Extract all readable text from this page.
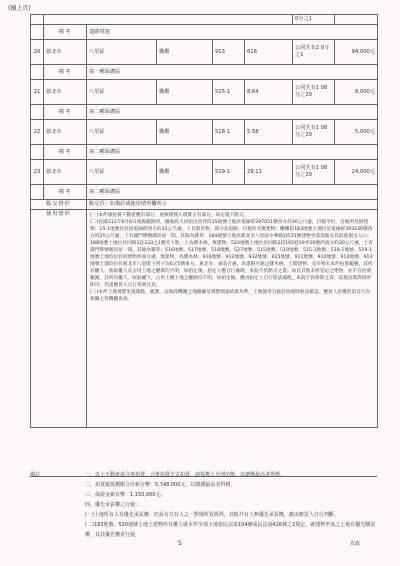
(續上頁)
						0分之1	
	備考	道路用地					
20	新北市	八里區	楓櫃	913	618	公同共有2 0分之1	94,000元
	備考	第一種保護區					
21	新北市	八里區	楓櫃	515-1	8.64	公同共有1 08分之29	8,000元
	備考	第二種保護區					
22	新北市	八里區	楓櫃	518-1	5.58	公同共有1 08分之29	5,000元
	備考	第二種保護區					
23	新北市	八里區	楓櫃	519-1	29.11	公同共有1 08分之29	24,000元
	備考	第二種保護區					
點交情形		點交否：如備註或使用情形欄所示					
使用情形		(一)本件係拍賣不動產應有部分，查無債務人現實占有部分，故定現不點交。

(二)民國111年6月6日現場履勘時，據地政人員指出普坪段15地號土地於電線桿297051號西方約30公尺處，目視平坦，目視所及無建物；15-1地號位於同電線桿西方約15公尺處，上有農作物，部分為道路，目視所及無建物；楓櫃段183地號土地位於電線桿393236號西方約25公尺處，上有鑄門牌號碼房屋一間，其餘為雜草；184地號土地為新北市八里區中華路2段21號建物坐落基地及其前庭與出入口；188地號土地位於同路1段333之1號旁土地，上為雜木林，無建物；520地號土地位於同路2段165巷19弄16號西南方約30公尺處，上有鑄門牌號碼房屋一間，其餘為雜草；516地號、517地號、518地號、527地號、515地號、519地號、515-1地號、518-1地號、519-1地號土地均位於同建物西南方處，無建物，為雜木林；916地號、912地號、932地號、915地號、911地號、910地號、914地號、913地號土地均位於新北市八里區下罟子坑6之5號東方、東北方、東南方處，為道路可通之雜木林，上開建物、及存物未本件拍賣範圍，其所有權人、收取權人及占用土地之權源均不明，如拍定後，拍定人應自行處理，本院不負點交之責。如有其他未經登記之建物，亦不在拍賣範圍，其所有權人、收取權人，占用上開土地之權源均不明，如拍定後，應由拍定人自行依法處理，本院不負排除之責；依現況實際情形即可。仍請應買人自行查明注意。

(三)本件土地實際坐落地點、範圍，以地政機關之地籍圖及實際測量結果為準，土地使用分區於拍賣時無法確認，應買人於應買前自行向相關主管機關查詢。					

備註	一、以上不動產請合併拍賣，合併拍賣方式拍賣，請投標人分別出價，以總價最高者得標。

二、拍賣最低價額合計新台幣：5,748,000元，以總價最高者得標。

三、保證金新台幣：1,150,000元。

四、優先承買權之行使：

(一)土地所有人有優先承買權：於訴有共有人之一對場所買拆得，其餘共有人無優先承買權，應由應買人自行判斷。

(二)183地號、520地號土地上建物所有權人就本件全部土地依民法第104條或民法第426條之2規定，就建物坐落之土地有優先購買權，其員優先權者行使，

5	肖政
